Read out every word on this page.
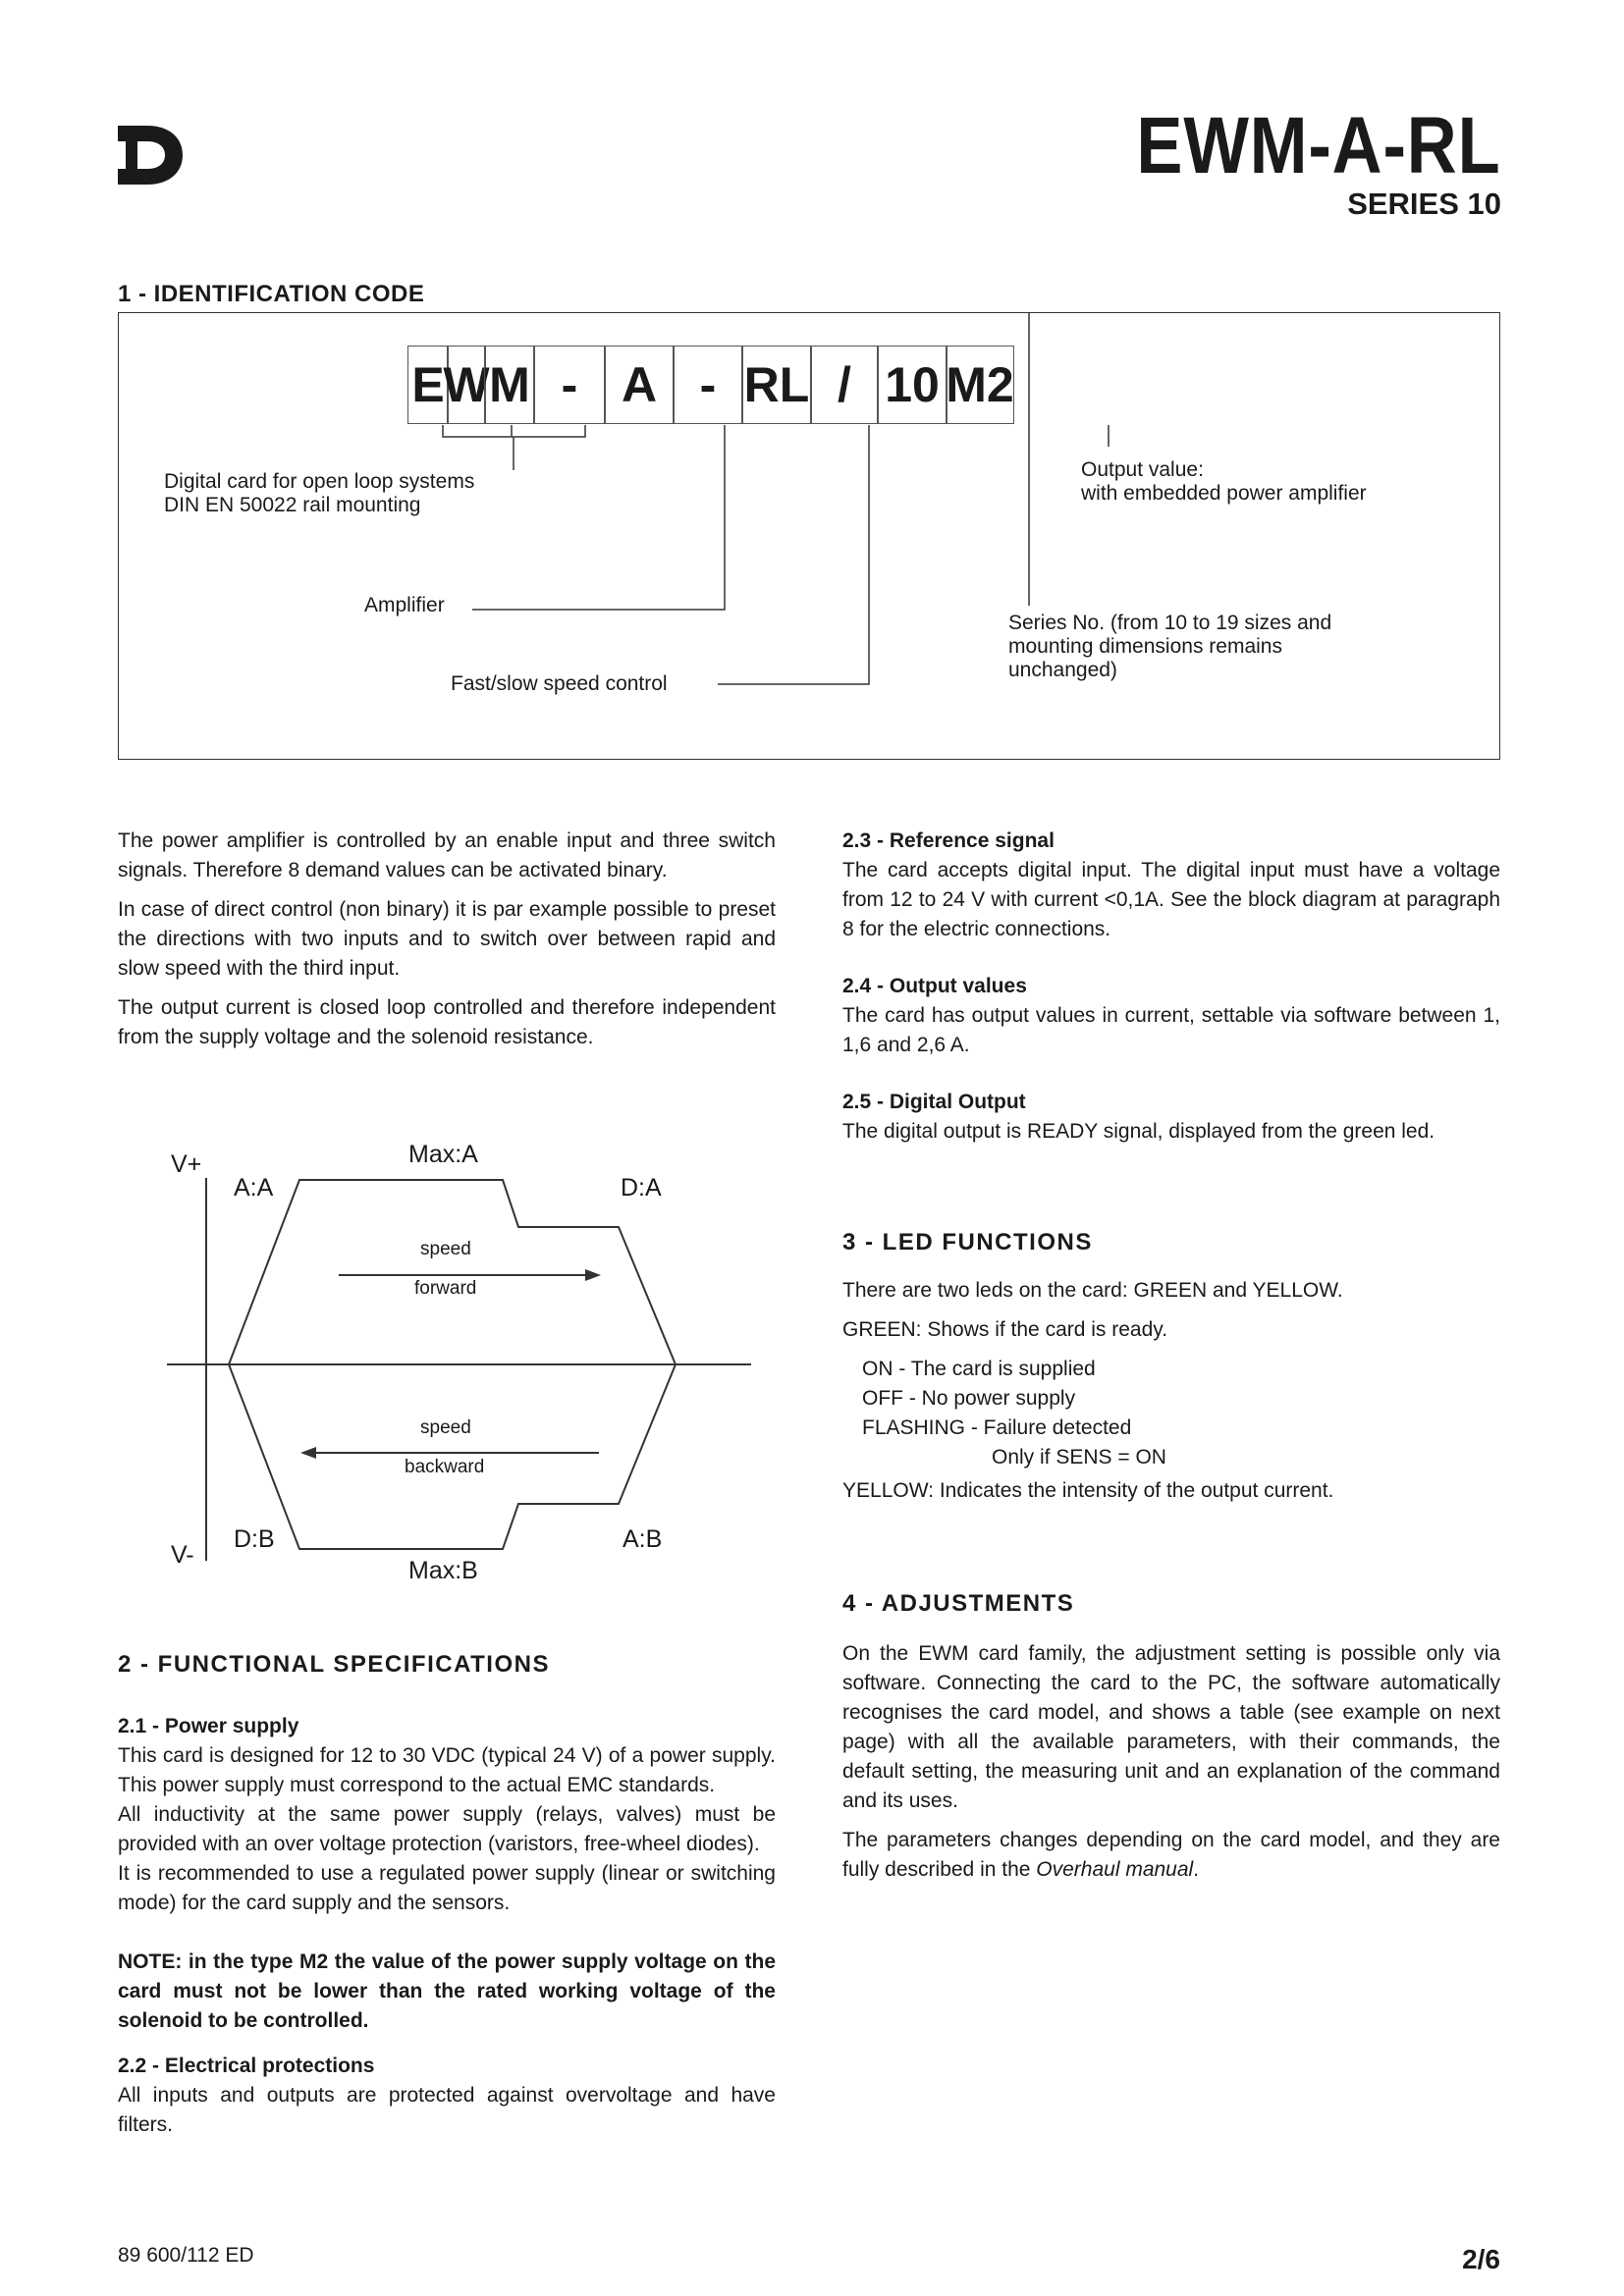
EWM-A-RL
SERIES 10
1 - IDENTIFICATION CODE
E
W M - A - RL / 10 M2
Digital card for open loop systems
DIN EN 50022 rail mounting
Amplifier
Fast/slow speed control
Output value:
with embedded power amplifier
Series No. (from 10 to 19 sizes and
mounting dimensions remains
unchanged)

The power amplifier is controlled by an enable input and three switch signals. Therefore 8 demand values can be activated binary.

In case of direct control (non binary) it is par example possible to preset the directions with two inputs and to switch over between rapid and slow speed with the third input.

The output current is closed loop controlled and therefore independent from the supply voltage and the solenoid resistance.

V+
A:A
Max:A
D:A
speed
forward
speed
backward
D:B	A:B
V-
Max:B
2 - FUNCTIONAL SPECIFICATIONS
2.1 - Power supply
This card is designed for 12 to 30 VDC (typical 24 V) of a power supply. This power supply must correspond to the actual EMC standards.
All inductivity at the same power supply (relays, valves) must be provided with an over voltage protection (varistors, free-wheel diodes).
It is recommended to use a regulated power supply (linear or switching mode) for the card supply and the sensors.
NOTE: in the type M2 the value of the power supply voltage on the card must not be lower than the rated working voltage of the solenoid to be controlled.
2.2 - Electrical protections
All inputs and outputs are protected against overvoltage and have filters.
2.3 - Reference signal
The card accepts digital input. The digital input must have a voltage from 12 to 24 V with current <0,1A. See the block diagram at paragraph 8 for the electric connections.
2.4 - Output values
The card has output values in current, settable via software between 1, 1,6 and 2,6 A.
2.5 - Digital Output
The digital output is READY signal, displayed from the green led.
3 - LED FUNCTIONS
There are two leds on the card: GREEN and YELLOW.
GREEN: Shows if the card is ready.
ON - The card is supplied
OFF - No power supply
FLASHING - Failure detected
Only if SENS = ON
YELLOW: Indicates the intensity of the output current.
4 - ADJUSTMENTS

On the EWM card family, the adjustment setting is possible only via software. Connecting the card to the PC, the software automatically recognises the card model, and shows a table (see example on next page) with all the available parameters, with their commands, the default setting, the measuring unit and an explanation of the command and its uses.

The parameters changes depending on the card model, and they are fully described in the Overhaul manual.

89 600/112 ED	2/6
